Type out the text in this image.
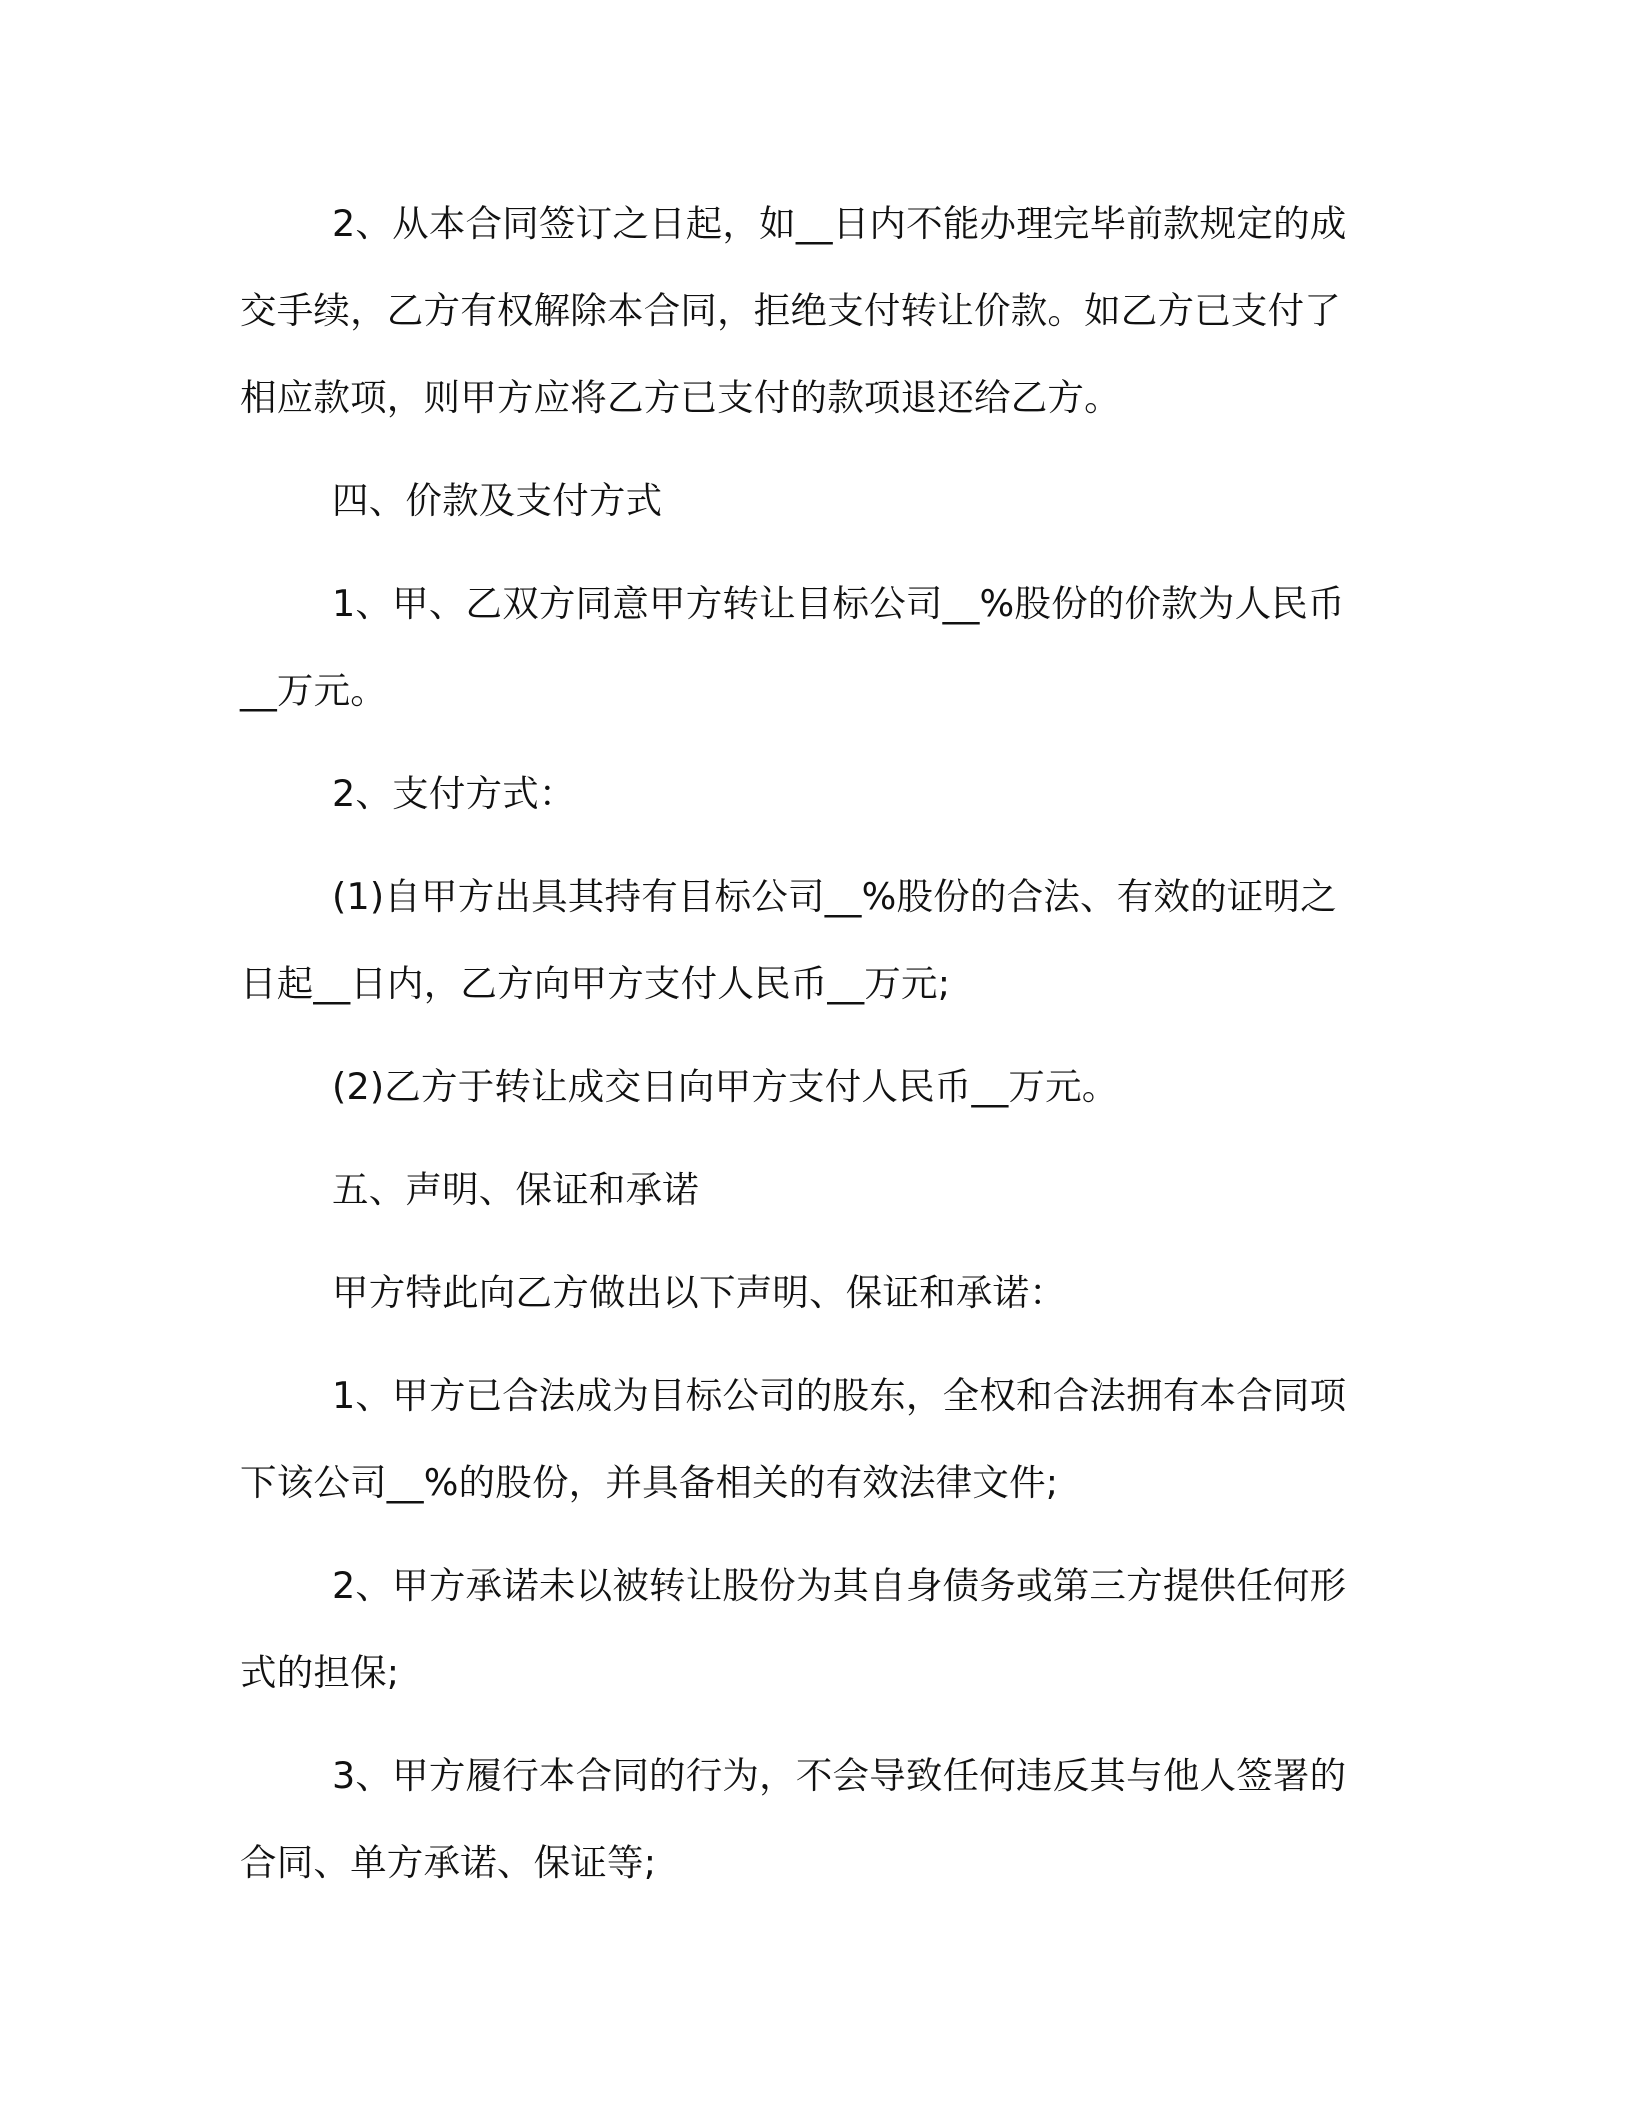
2、从本合同签订之日起，如__日内不能办理完毕前款规定的成交手续，乙方有权解除本合同，拒绝支付转让价款。如乙方已支付了相应款项，则甲方应将乙方已支付的款项退还给乙方。

四、价款及支付方式

1、甲、乙双方同意甲方转让目标公司__%股份的价款为人民币__万元。

2、支付方式：

(1)自甲方出具其持有目标公司__%股份的合法、有效的证明之日起__日内，乙方向甲方支付人民币__万元;

(2)乙方于转让成交日向甲方支付人民币__万元。

五、声明、保证和承诺

甲方特此向乙方做出以下声明、保证和承诺：

1、甲方已合法成为目标公司的股东，全权和合法拥有本合同项下该公司__%的股份，并具备相关的有效法律文件;

2、甲方承诺未以被转让股份为其自身债务或第三方提供任何形式的担保;

3、甲方履行本合同的行为，不会导致任何违反其与他人签署的合同、单方承诺、保证等;
